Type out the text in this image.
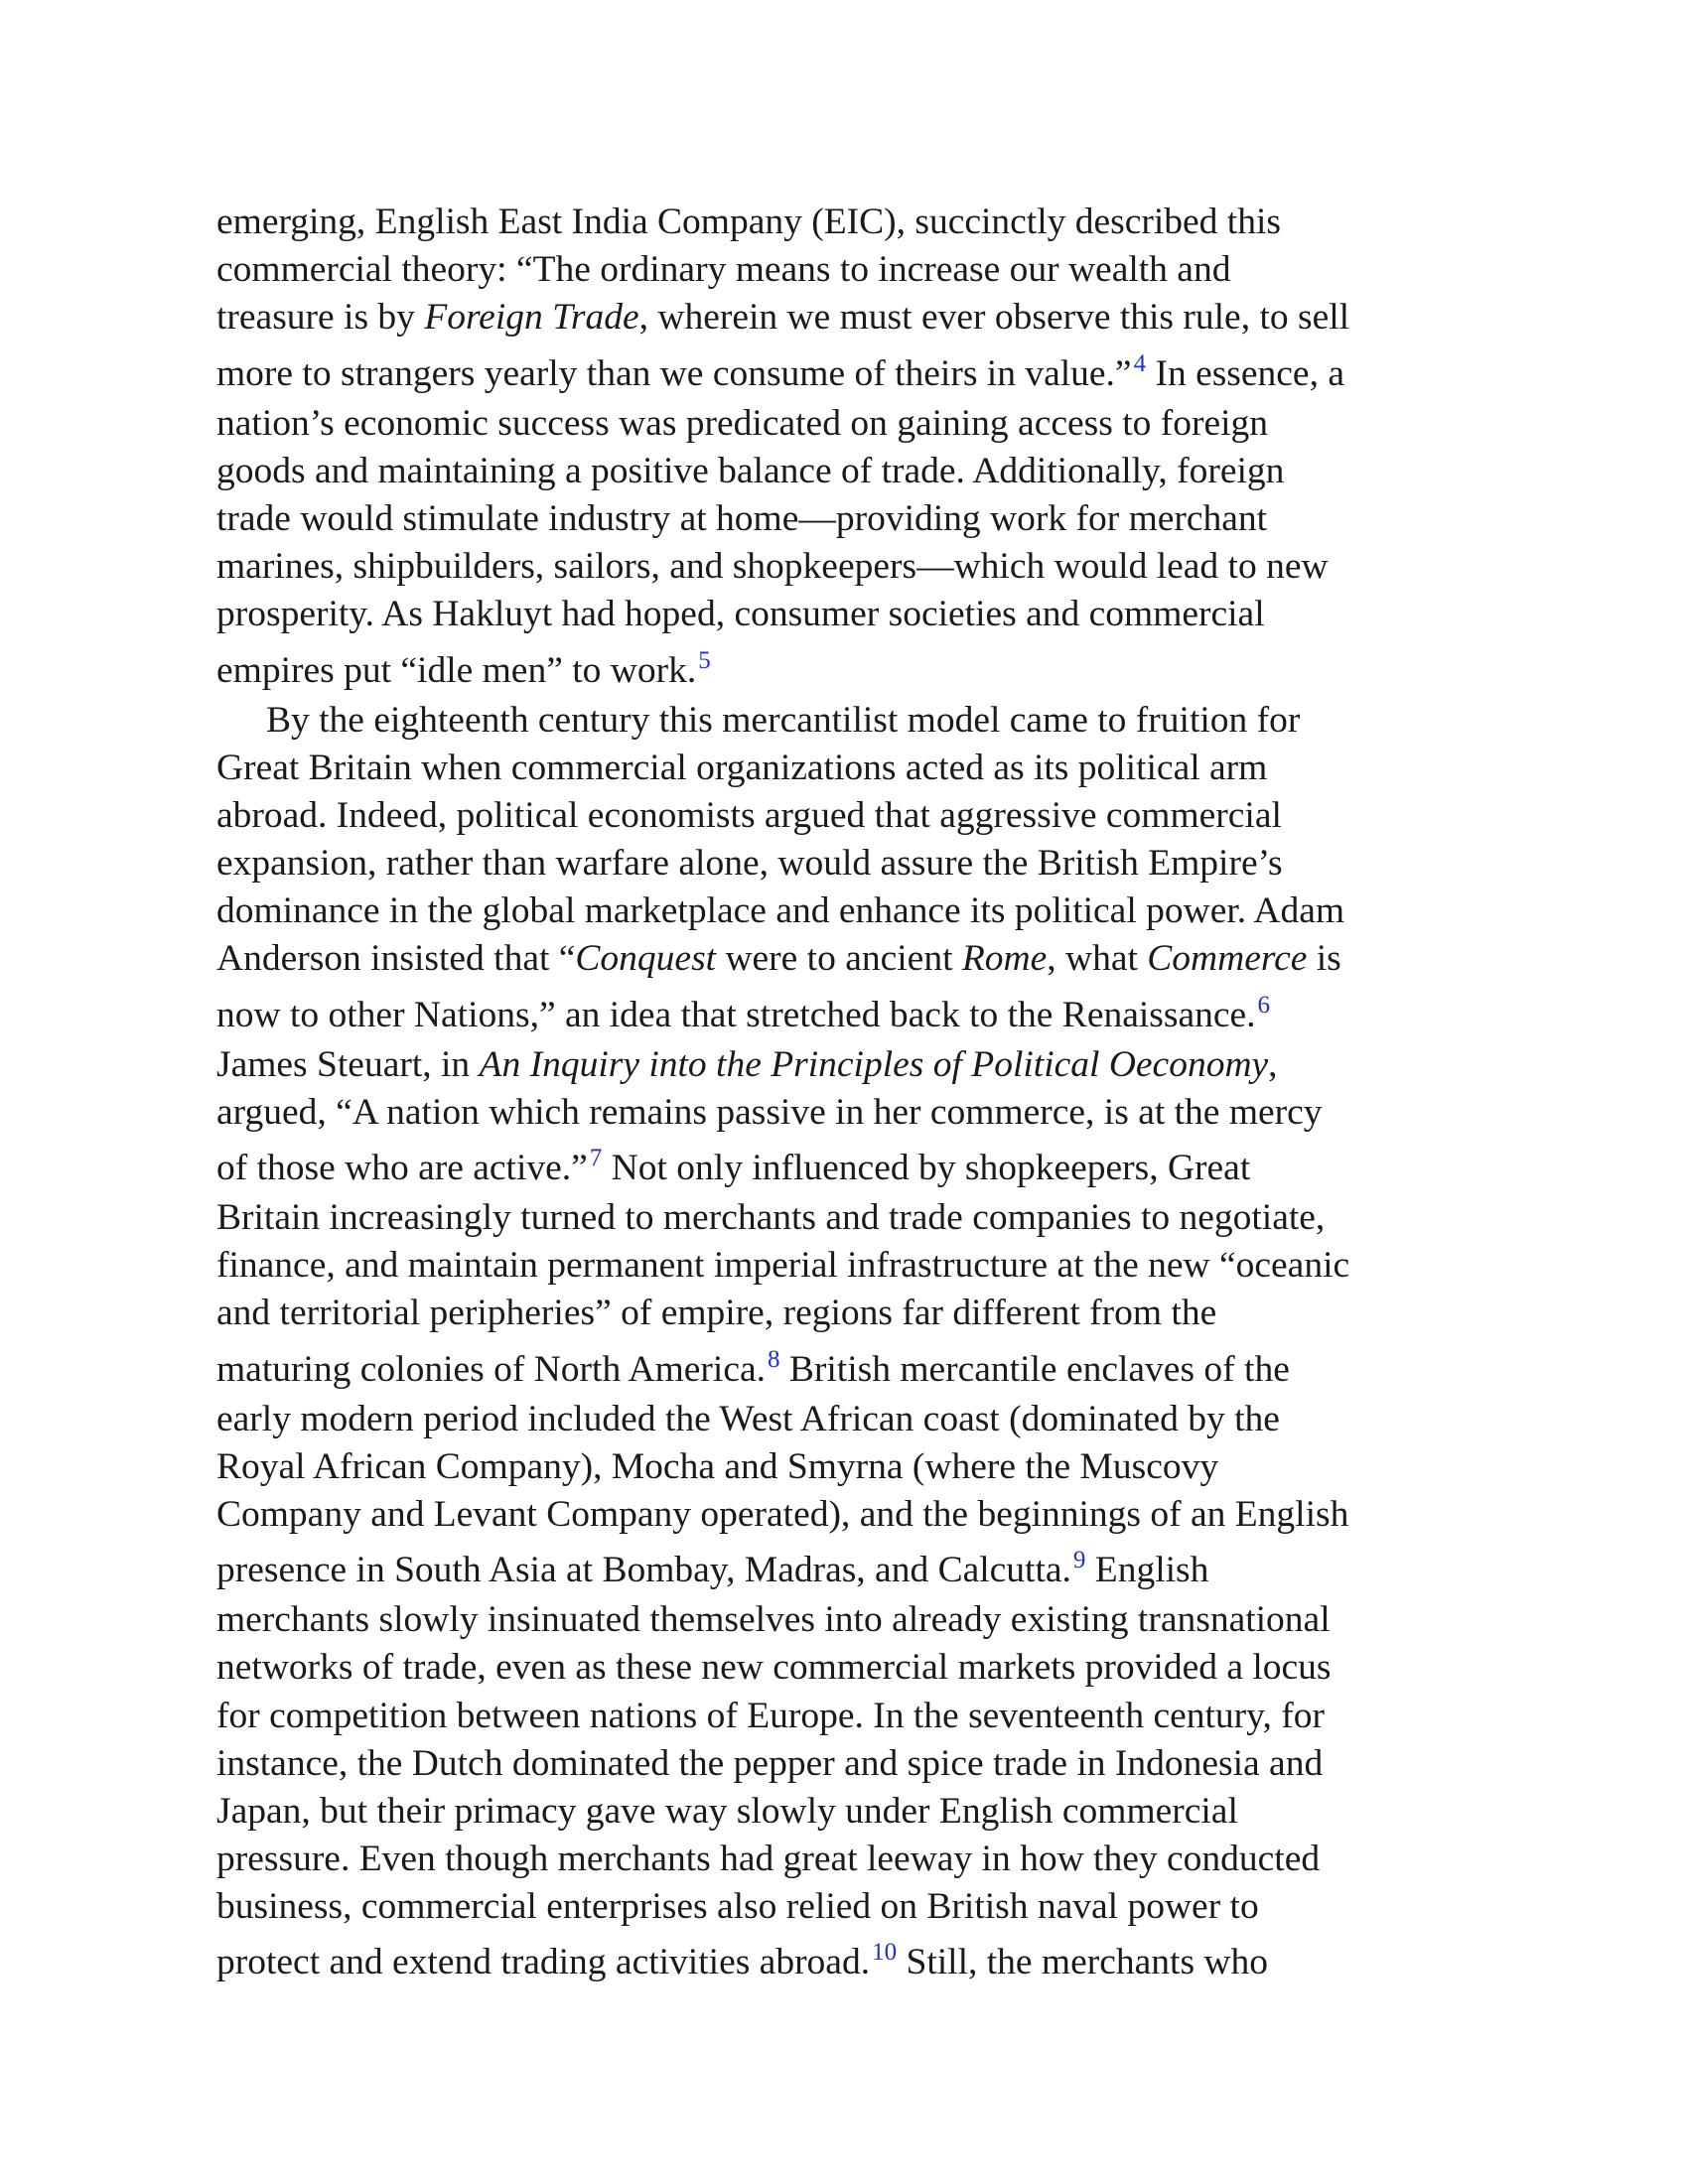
emerging, English East India Company (EIC), succinctly described this
commercial theory: “The ordinary means to increase our wealth and
treasure is by Foreign Trade, wherein we must ever observe this rule, to sell
more to strangers yearly than we consume of theirs in value.”$^4$ In essence, a
nation’s economic success was predicated on gaining access to foreign
goods and maintaining a positive balance of trade. Additionally, foreign
trade would stimulate industry at home—providing work for merchant
marines, shipbuilders, sailors, and shopkeepers—which would lead to new
prosperity. As Hakluyt had hoped, consumer societies and commercial
empires put “idle men” to work.$^5$
By the eighteenth century this mercantilist model came to fruition for
Great Britain when commercial organizations acted as its political arm
abroad. Indeed, political economists argued that aggressive commercial
expansion, rather than warfare alone, would assure the British Empire’s
dominance in the global marketplace and enhance its political power. Adam
Anderson insisted that “Conquest were to ancient Rome, what Commerce is
now to other Nations,” an idea that stretched back to the Renaissance.$^6$
James Steuart, in An Inquiry into the Principles of Political Oeconomy,
argued, “A nation which remains passive in her commerce, is at the mercy
of those who are active.”$^7$ Not only influenced by shopkeepers, Great
Britain increasingly turned to merchants and trade companies to negotiate,
finance, and maintain permanent imperial infrastructure at the new “oceanic
and territorial peripheries” of empire, regions far different from the
maturing colonies of North America.$^8$ British mercantile enclaves of the
early modern period included the West African coast (dominated by the
Royal African Company), Mocha and Smyrna (where the Muscovy
Company and Levant Company operated), and the beginnings of an English
presence in South Asia at Bombay, Madras, and Calcutta.$^9$ English
merchants slowly insinuated themselves into already existing transnational
networks of trade, even as these new commercial markets provided a locus
for competition between nations of Europe. In the seventeenth century, for
instance, the Dutch dominated the pepper and spice trade in Indonesia and
Japan, but their primacy gave way slowly under English commercial
pressure. Even though merchants had great leeway in how they conducted
business, commercial enterprises also relied on British naval power to
protect and extend trading activities abroad.$^{10}$ Still, the merchants who
